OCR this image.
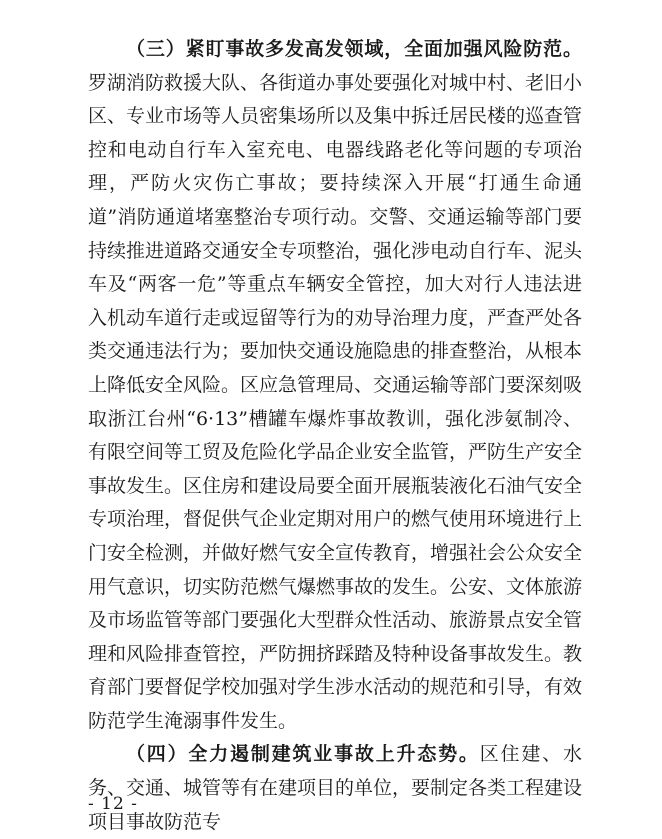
（三）紧盯事故多发高发领域，全面加强风险防范。罗湖消防救援大队、各街道办事处要强化对城中村、老旧小区、专业市场等人员密集场所以及集中拆迁居民楼的巡查管控和电动自行车入室充电、电器线路老化等问题的专项治理，严防火灾伤亡事故；要持续深入开展“打通生命通道”消防通道堵塞整治专项行动。交警、交通运输等部门要持续推进道路交通安全专项整治，强化涉电动自行车、泥头车及“两客一危”等重点车辆安全管控，加大对行人违法进入机动车道行走或逗留等行为的劝导治理力度，严查严处各类交通违法行为；要加快交通设施隐患的排查整治，从根本上降低安全风险。区应急管理局、交通运输等部门要深刻吸取浙江台州“6·13”槽罐车爆炸事故教训，强化涉氨制冷、有限空间等工贸及危险化学品企业安全监管，严防生产安全事故发生。区住房和建设局要全面开展瓶装液化石油气安全专项治理，督促供气企业定期对用户的燃气使用环境进行上门安全检测，并做好燃气安全宣传教育，增强社会公众安全用气意识，切实防范燃气爆燃事故的发生。公安、文体旅游及市场监管等部门要强化大型群众性活动、旅游景点安全管理和风险排查管控，严防拥挤踩踏及特种设备事故发生。教育部门要督促学校加强对学生涉水活动的规范和引导，有效防范学生淹溺事件发生。

（四）全力遏制建筑业事故上升态势。区住建、水务、交通、城管等有在建项目的单位，要制定各类工程建设项目事故防范专

- 12 -
